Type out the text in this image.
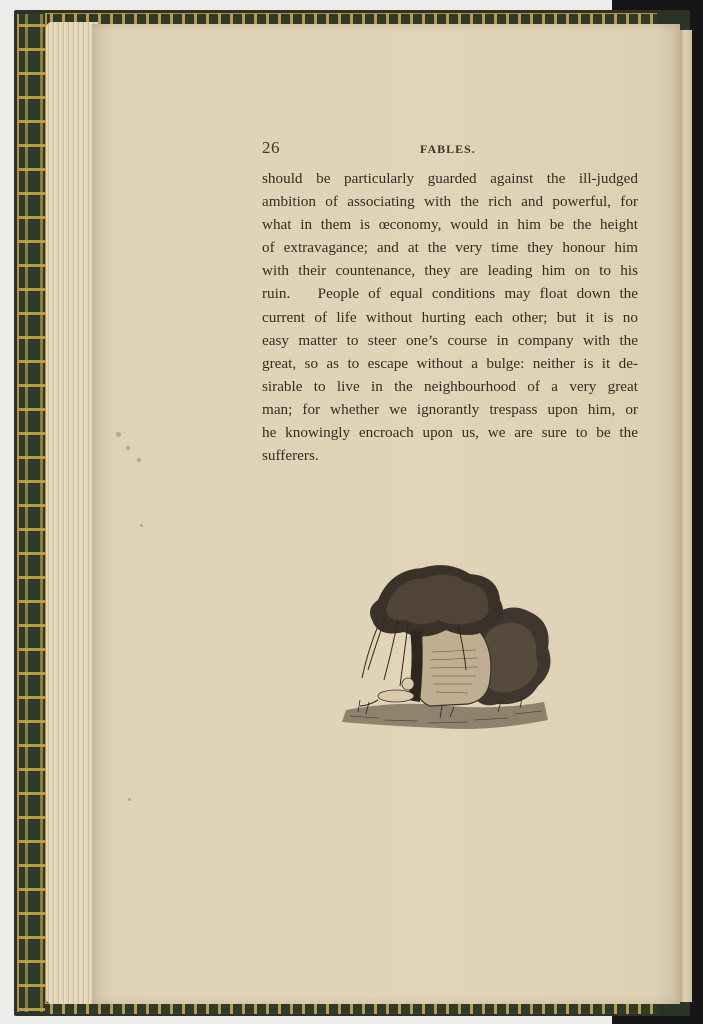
26	FABLES.
should be particularly guarded against the ill-judged
ambition of associating with the rich and powerful, for
what in them is œconomy, would in him be the height
of extravagance; and at the very time they honour him
with their countenance, they are leading him on to his
ruin.   People of equal conditions may float down the
current of life without hurting each other; but it is no
easy matter to steer one’s course in company with the
great, so as to escape without a bulge: neither is it de-
sirable to live in the neighbourhood of a very great
man; for whether we ignorantly trespass upon him, or
he knowingly encroach upon us, we are sure to be the
sufferers.
